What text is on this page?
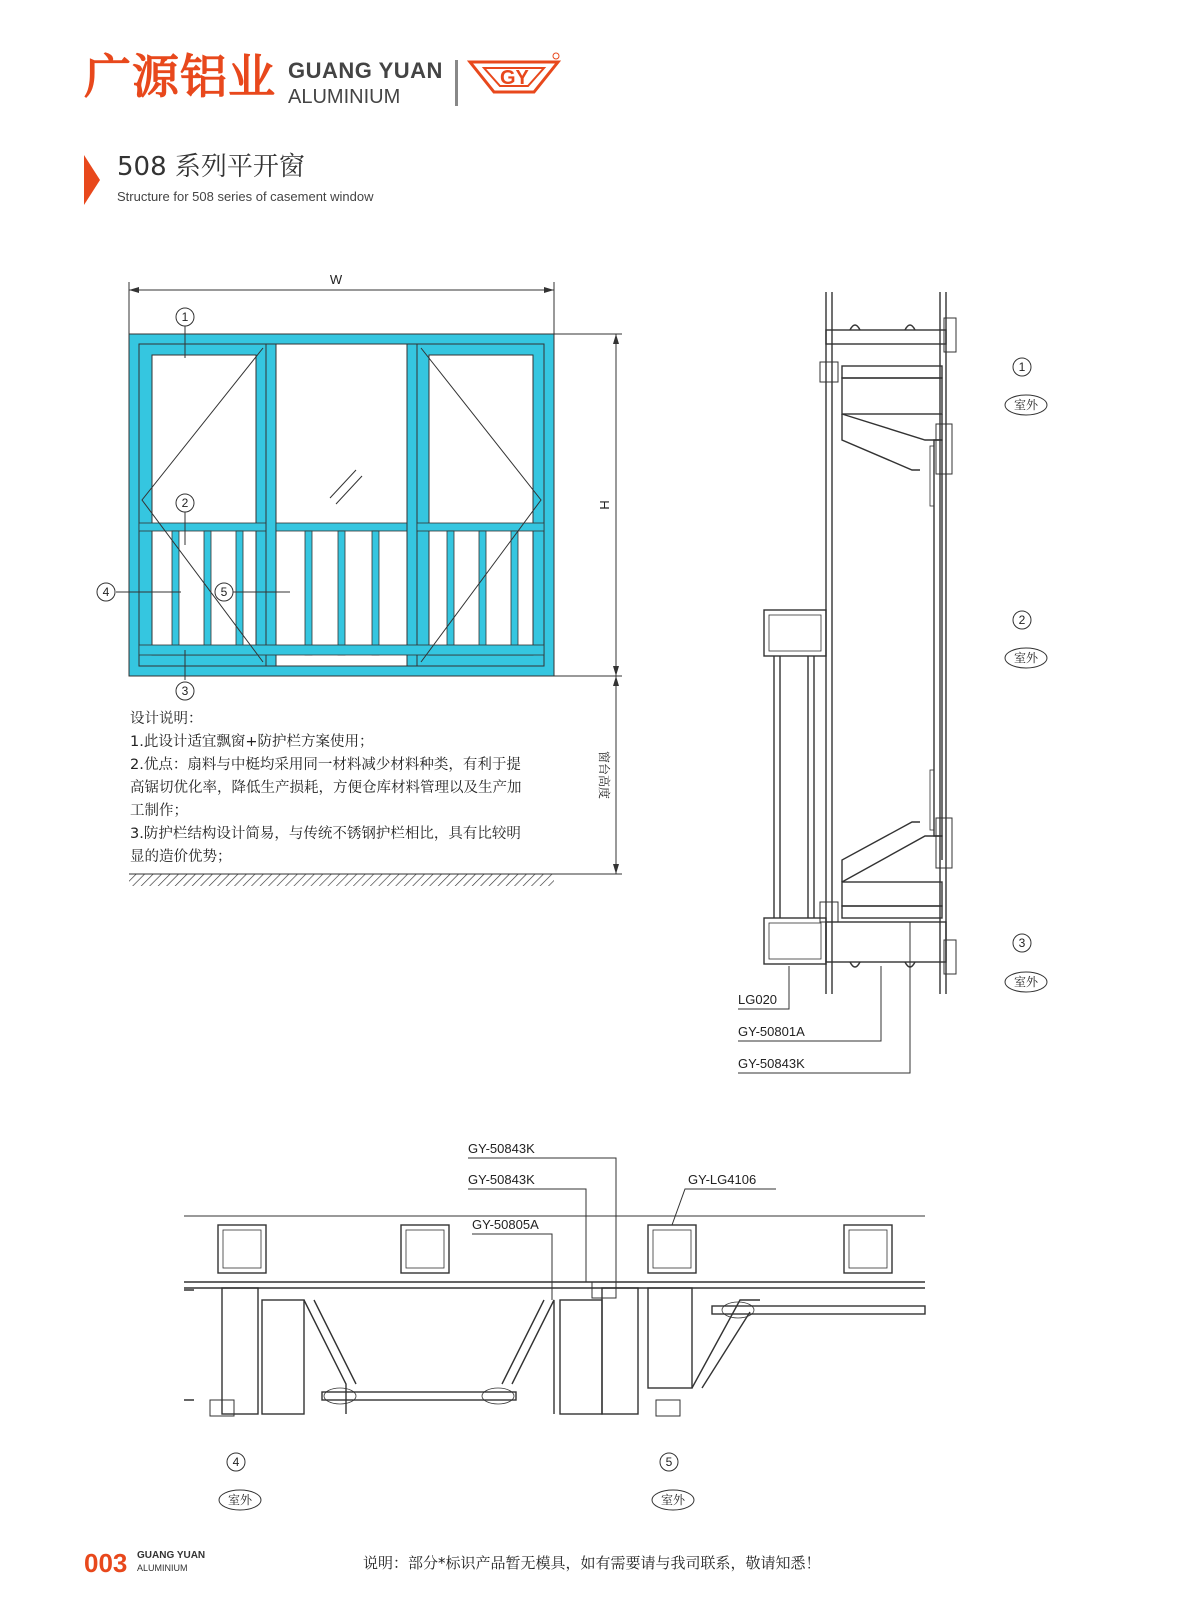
广源铝业 GUANG YUAN
ALUMINIUM
508 系列平开窗
Structure for 508 series of casement window
GY
W
H
窗台高度
1
2
3
4	5
LG020
GY-50801A
GY-50843K
1
室外
2
室外
3
室外
GY-50843K
GY-50843K	GY-LG4106
GY-50805A
4
室外
5
室外
设计说明：
1.此设计适宜飘窗+防护栏方案使用；
2.优点：扇料与中梃均采用同一材料减少材料种类，有利于提
高锯切优化率，降低生产损耗，方便仓库材料管理以及生产加
工制作；
3.防护栏结构设计简易，与传统不锈钢护栏相比，具有比较明
显的造价优势；
003 GUANG YUAN
ALUMINIUM	说明：部分*标识产品暂无模具，如有需要请与我司联系，敬请知悉！
